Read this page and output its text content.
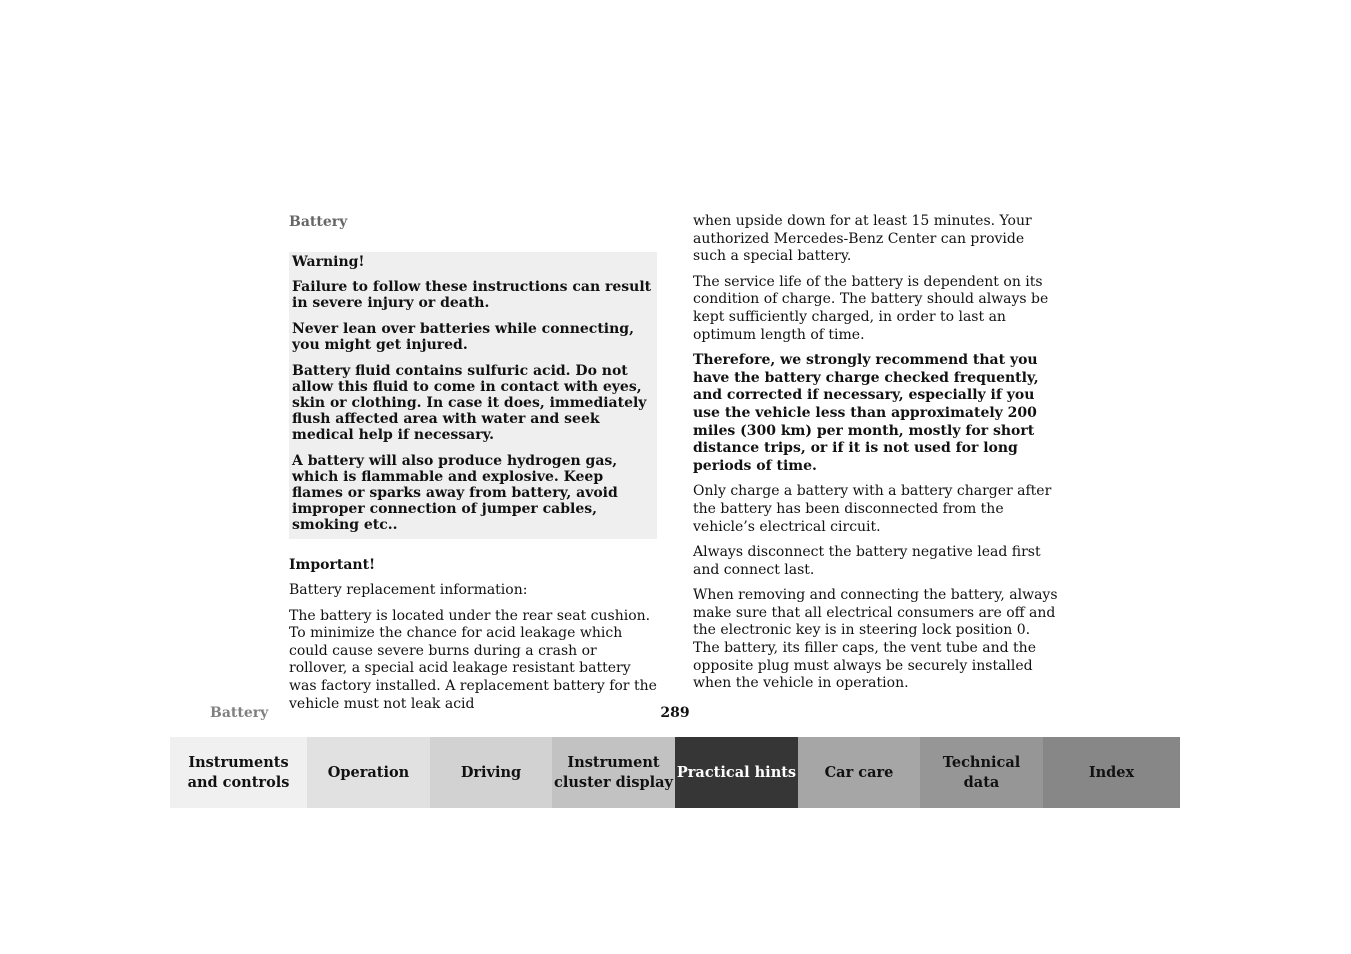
Battery

Warning!

Failure to follow these instructions can result in severe injury or death.

Never lean over batteries while connecting, you might get injured.

Battery fluid contains sulfuric acid. Do not allow this fluid to come in contact with eyes, skin or clothing. In case it does, immediately flush affected area with water and seek medical help if necessary.

A battery will also produce hydrogen gas, which is flammable and explosive. Keep flames or sparks away from battery, avoid improper connection of jumper cables, smoking etc..

Important!

Battery replacement information:

The battery is located under the rear seat cushion. To minimize the chance for acid leakage which could cause severe burns during a crash or rollover, a special acid leakage resistant battery was factory installed. A replacement battery for the vehicle must not leak acid

when upside down for at least 15 minutes. Your authorized Mercedes-Benz Center can provide such a special battery.

The service life of the battery is dependent on its condition of charge. The battery should always be kept sufficiently charged, in order to last an optimum length of time.

Therefore, we strongly recommend that you have the battery charge checked frequently, and corrected if necessary, especially if you use the vehicle less than approximately 200 miles (300 km) per month, mostly for short distance trips, or if it is not used for long periods of time.

Only charge a battery with a battery charger after the battery has been disconnected from the vehicle’s electrical circuit.

Always disconnect the battery negative lead first and connect last.

When removing and connecting the battery, always make sure that all electrical consumers are off and the electronic key is in steering lock position 0. The battery, its filler caps, the vent tube and the opposite plug must always be securely installed when the vehicle in operation.

Battery	289
Instruments
and controls
Operation	Driving
Instrument
cluster display
Practical hints	Car care
Technical
data
Index
